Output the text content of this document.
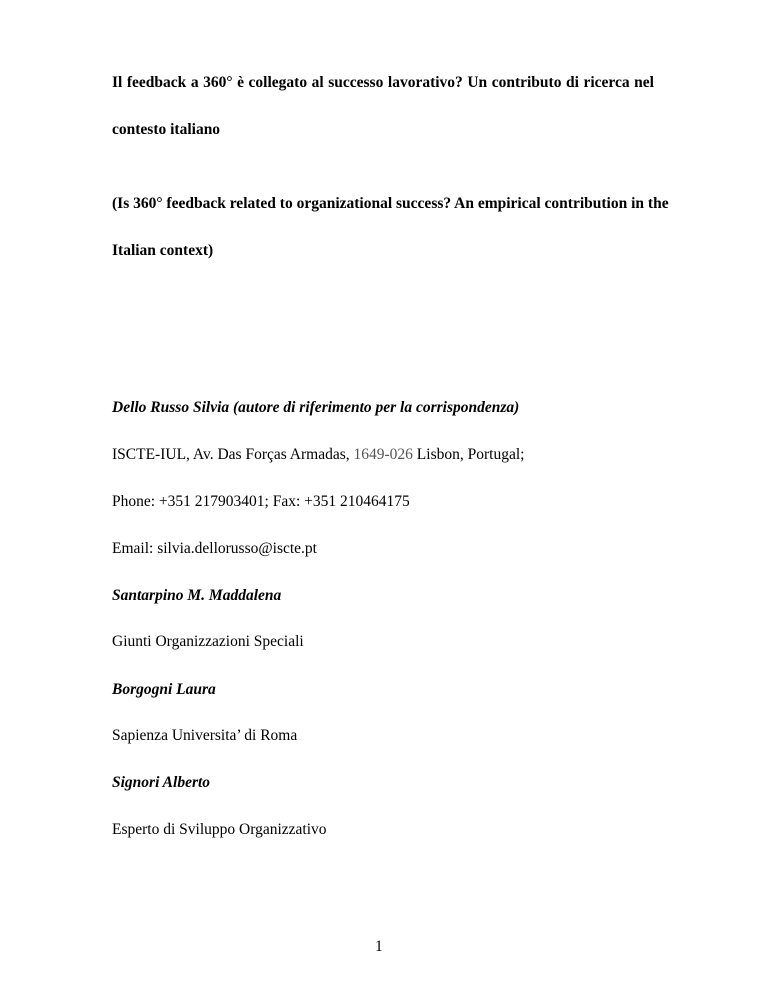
Il feedback a 360° è collegato al successo lavorativo? Un contributo di ricerca nel

contesto italiano

(Is 360° feedback related to organizational success? An empirical contribution in the

Italian context)

Dello Russo Silvia (autore di riferimento per la corrispondenza)

ISCTE-IUL, Av. Das Forças Armadas, 1649-026 Lisbon, Portugal;

Phone: +351 217903401; Fax: +351 210464175

Email: silvia.dellorusso@iscte.pt

Santarpino M. Maddalena

Giunti Organizzazioni Speciali

Borgogni Laura

Sapienza Universita’ di Roma

Signori Alberto

Esperto di Sviluppo Organizzativo

1
